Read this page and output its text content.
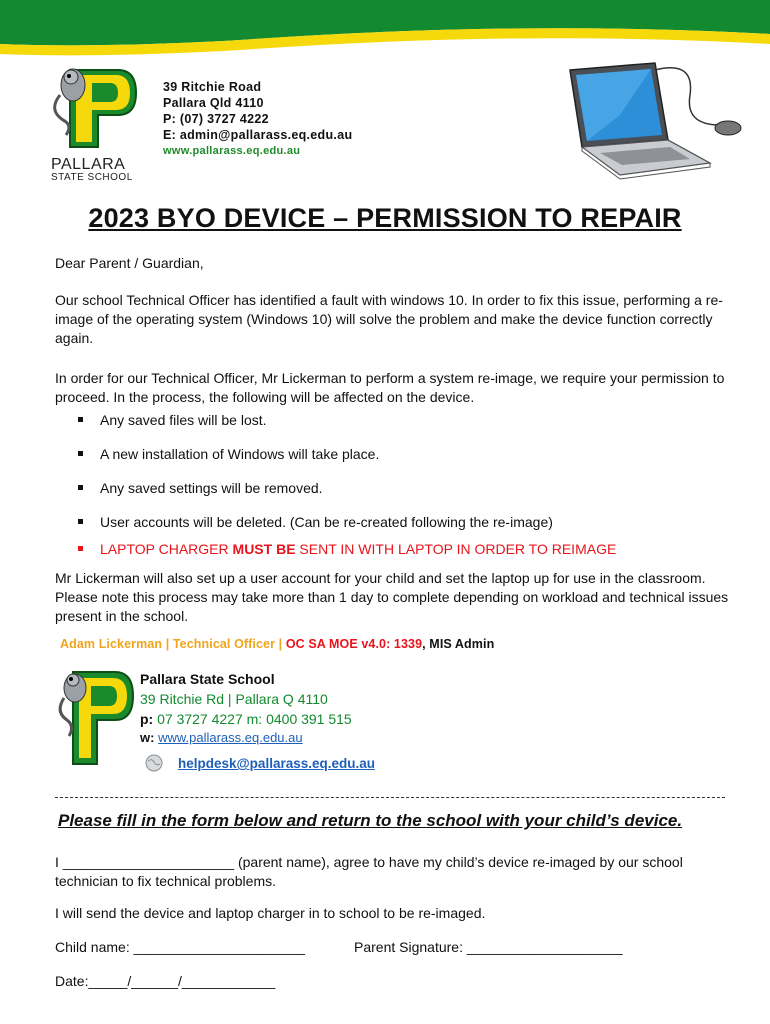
PALLARA
STATE SCHOOL
39 Ritchie Road
Pallara Qld 4110
P: (07) 3727 4222
E: admin@pallarass.eq.edu.au
www.pallarass.eq.edu.au
2023 BYO DEVICE – PERMISSION TO REPAIR
Dear Parent / Guardian,
Our school Technical Officer has identified a fault with windows 10. In order to fix this issue, performing a re-image of the operating system (Windows 10) will solve the problem and make the device function correctly again.
In order for our Technical Officer, Mr Lickerman to perform a system re-image, we require your permission to proceed. In the process, the following will be affected on the device.
Any saved files will be lost.
A new installation of Windows will take place.
Any saved settings will be removed.
User accounts will be deleted. (Can be re-created following the re-image)
LAPTOP CHARGER MUST BE SENT IN WITH LAPTOP IN ORDER TO REIMAGE
Mr Lickerman will also set up a user account for your child and set the laptop up for use in the classroom. Please note this process may take more than 1 day to complete depending on workload and technical issues present in the school.
Adam Lickerman | Technical Officer | OC SA MOE v4.0: 1339, MIS Admin
Pallara State School
39 Ritchie Rd | Pallara Q 4110
p: 07 3727 4227 m: 0400 391 515
w: www.pallarass.eq.edu.au
helpdesk@pallarass.eq.edu.au
Please fill in the form below and return to the school with your child’s device.
I ______________________ (parent name), agree to have my child’s device re-imaged by our school technician to fix technical problems.
I will send the device and laptop charger in to school to be re-imaged.
Child name: ______________________	Parent Signature: ____________________
Date:_____/______/____________
